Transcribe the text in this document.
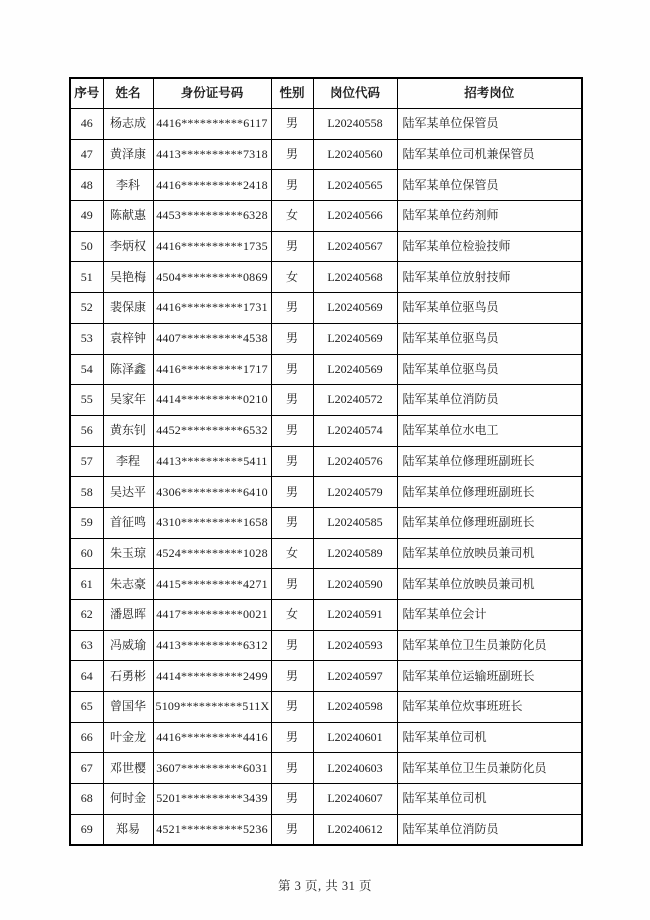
序号	姓名	身份证号码	性别	岗位代码	招考岗位
46	杨志成	4416**********6117	男	L20240558	陆军某单位保管员
47	黄泽康	4413**********7318	男	L20240560	陆军某单位司机兼保管员
48	李科	4416**********2418	男	L20240565	陆军某单位保管员
49	陈献惠	4453**********6328	女	L20240566	陆军某单位药剂师
50	李炳权	4416**********1735	男	L20240567	陆军某单位检验技师
51	吴艳梅	4504**********0869	女	L20240568	陆军某单位放射技师
52	裴保康	4416**********1731	男	L20240569	陆军某单位驱鸟员
53	袁梓钟	4407**********4538	男	L20240569	陆军某单位驱鸟员
54	陈泽鑫	4416**********1717	男	L20240569	陆军某单位驱鸟员
55	吴家年	4414**********0210	男	L20240572	陆军某单位消防员
56	黄东钊	4452**********6532	男	L20240574	陆军某单位水电工
57	李程	4413**********5411	男	L20240576	陆军某单位修理班副班长
58	吴达平	4306**********6410	男	L20240579	陆军某单位修理班副班长
59	首征鸣	4310**********1658	男	L20240585	陆军某单位修理班副班长
60	朱玉琼	4524**********1028	女	L20240589	陆军某单位放映员兼司机
61	朱志豪	4415**********4271	男	L20240590	陆军某单位放映员兼司机
62	潘恩晖	4417**********0021	女	L20240591	陆军某单位会计
63	冯威瑜	4413**********6312	男	L20240593	陆军某单位卫生员兼防化员
64	石勇彬	4414**********2499	男	L20240597	陆军某单位运输班副班长
65	曾国华	5109**********511X	男	L20240598	陆军某单位炊事班班长
66	叶金龙	4416**********4416	男	L20240601	陆军某单位司机
67	邓世樱	3607**********6031	男	L20240603	陆军某单位卫生员兼防化员
68	何时金	5201**********3439	男	L20240607	陆军某单位司机
69	郑易	4521**********5236	男	L20240612	陆军某单位消防员
第 3 页, 共 31 页
